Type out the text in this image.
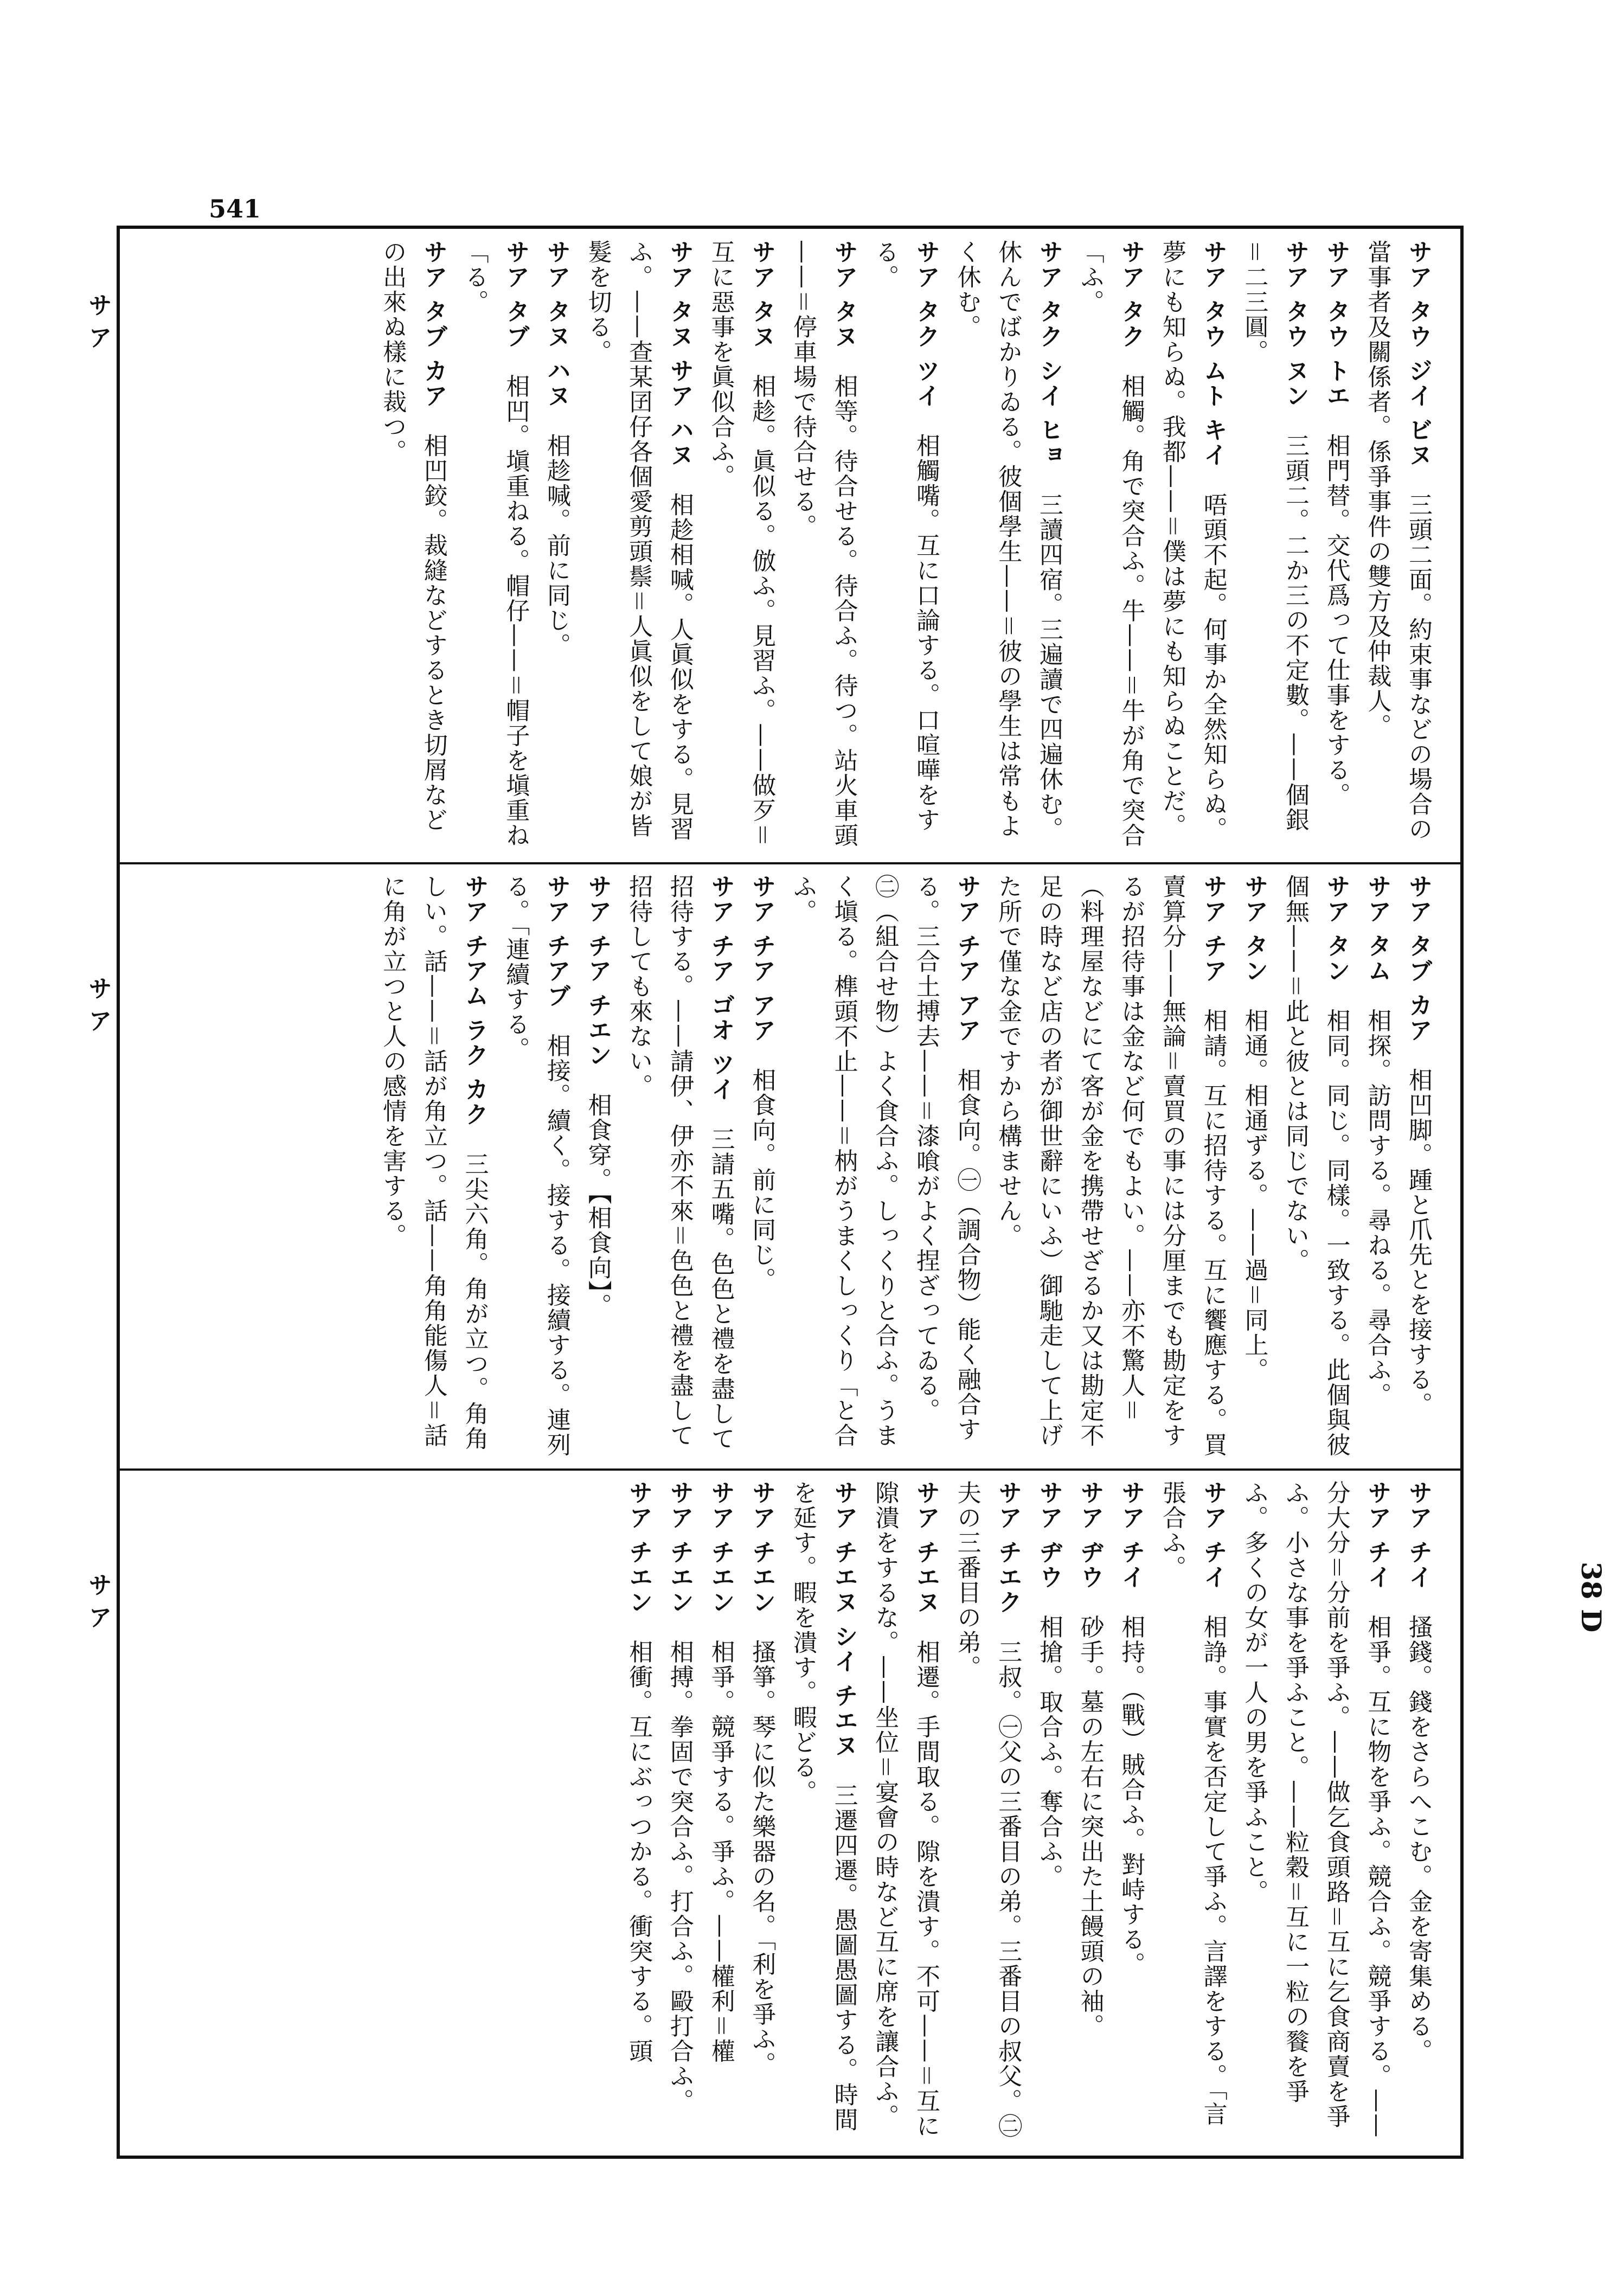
541
サ ア
サ ア
サ ア	38 D
サア タウ ジイ ビヌ　三頭二面。約束事などの場合の當事者及關係者。係爭事件の雙方及仲裁人。
サア タウ トエ　相門替。交代爲って仕事をする。
サア タウ ヌン　三頭二。二か三の不定數。——個銀＝二三圓。
サア タウ ムト キイ　唔頭不起。何事か全然知らぬ。夢にも知らぬ。我都——＝僕は夢にも知らぬことだ。
サア タク　相觸。角で突合ふ。牛——＝牛が角で突合「ふ。
サア タク シイ ヒョ　三讀四宿。三遍讀で四遍休む。休んでばかりゐる。彼個學生——＝彼の學生は常もよく休む。
サア タク ツイ　相觸嘴。互に口論する。口喧嘩をする。
サア タヌ　相等。待合せる。待合ふ。待つ。站火車頭——＝停車場で待合せる。
サア タヌ　相趁。眞似る。倣ふ。見習ふ。——做歹＝互に惡事を眞似合ふ。
サア タヌ サア ハヌ　相趁相喊。人眞似をする。見習ふ。——查某囝仔各個愛剪頭鬃＝人眞似をして娘が皆髮を切る。
サア タヌ ハヌ　相趁喊。前に同じ。
サア タブ　相凹。塡重ねる。帽仔——＝帽子を塡重ね「る。
サア タブ カア　相凹鉸。裁縫などするとき切屑などの出來ぬ樣に裁つ。
サア タブ カア　相凹脚。踵と爪先とを接する。
サア タム　相探。訪問する。尋ねる。尋合ふ。
サア タン　相同。同じ。同樣。一致する。此個與彼個無——＝此と彼とは同じでない。
サア タン　相通。相通ずる。——過＝同上。
サア チア　相請。互に招待する。互に饗應する。買賣算分——無論＝賣買の事には分厘までも勘定をするが招待事は金など何でもよい。——亦不驚人＝（料理屋などにて客が金を携帶せざるか又は勘定不足の時など店の者が御世辭にいふ）御馳走して上げた所で僅な金ですから構ません。
サア チア アア　相食向。㊀（調合物）能く融合する。三合土搏去——＝漆喰がよく捏ざってゐる。
㊁（組合せ物）よく食合ふ。しっくりと合ふ。うまく塡る。榫頭不止——＝枘がうまくしっくり「と合ふ。
サア チア アア　相食向。前に同じ。
サア チア ゴオ ツイ　三請五嘴。色色と禮を盡して招待する。——請伊、伊亦不來＝色色と禮を盡して招待しても來ない。
サア チア チエン　相食穿。【相食向】。
サア チアブ　相接。續く。接する。接續する。連列る。「連續する。
サア チアム ラク カク　三尖六角。角が立つ。角角しい。話——＝話が角立つ。話——角角能傷人＝話に角が立つと人の感情を害する。
サア チイ　搔錢。錢をさらへこむ。金を寄集める。
サア チイ　相爭。互に物を爭ふ。競合ふ。競爭する。——分大分＝分前を爭ふ。——做乞食頭路＝互に乞食商賣を爭ふ。小さな事を爭ふこと。——粒穀＝互に一粒の餮を爭ふ。多くの女が一人の男を爭ふこと。
サア チイ　相諍。事實を否定して爭ふ。言譯をする。「言張合ふ。
サア チイ　相持。（戰）賊合ふ。對峙する。
サア ヂウ　砂手。墓の左右に突出た土饅頭の袖。
サア ヂウ　相搶。取合ふ。奪合ふ。
サア チエク　三叔。㊀父の三番目の弟。三番目の叔父。㊁夫の三番目の弟。
サア チエヌ　相遷。手間取る。隙を潰す。不可——＝互に隙潰をするな。——坐位＝宴會の時など互に席を讓合ふ。
サア チエヌ シイ チエヌ　三遷四遷。愚圖愚圖する。時間を延す。暇を潰す。暇どる。
サア チエン　搔箏。琴に似た樂器の名。「利を爭ふ。
サア チエン　相爭。競爭する。爭ふ。——權利＝權
サア チエン　相搏。拳固で突合ふ。打合ふ。毆打合ふ。
サア チエン　相衝。互にぶっつかる。衝突する。頭
